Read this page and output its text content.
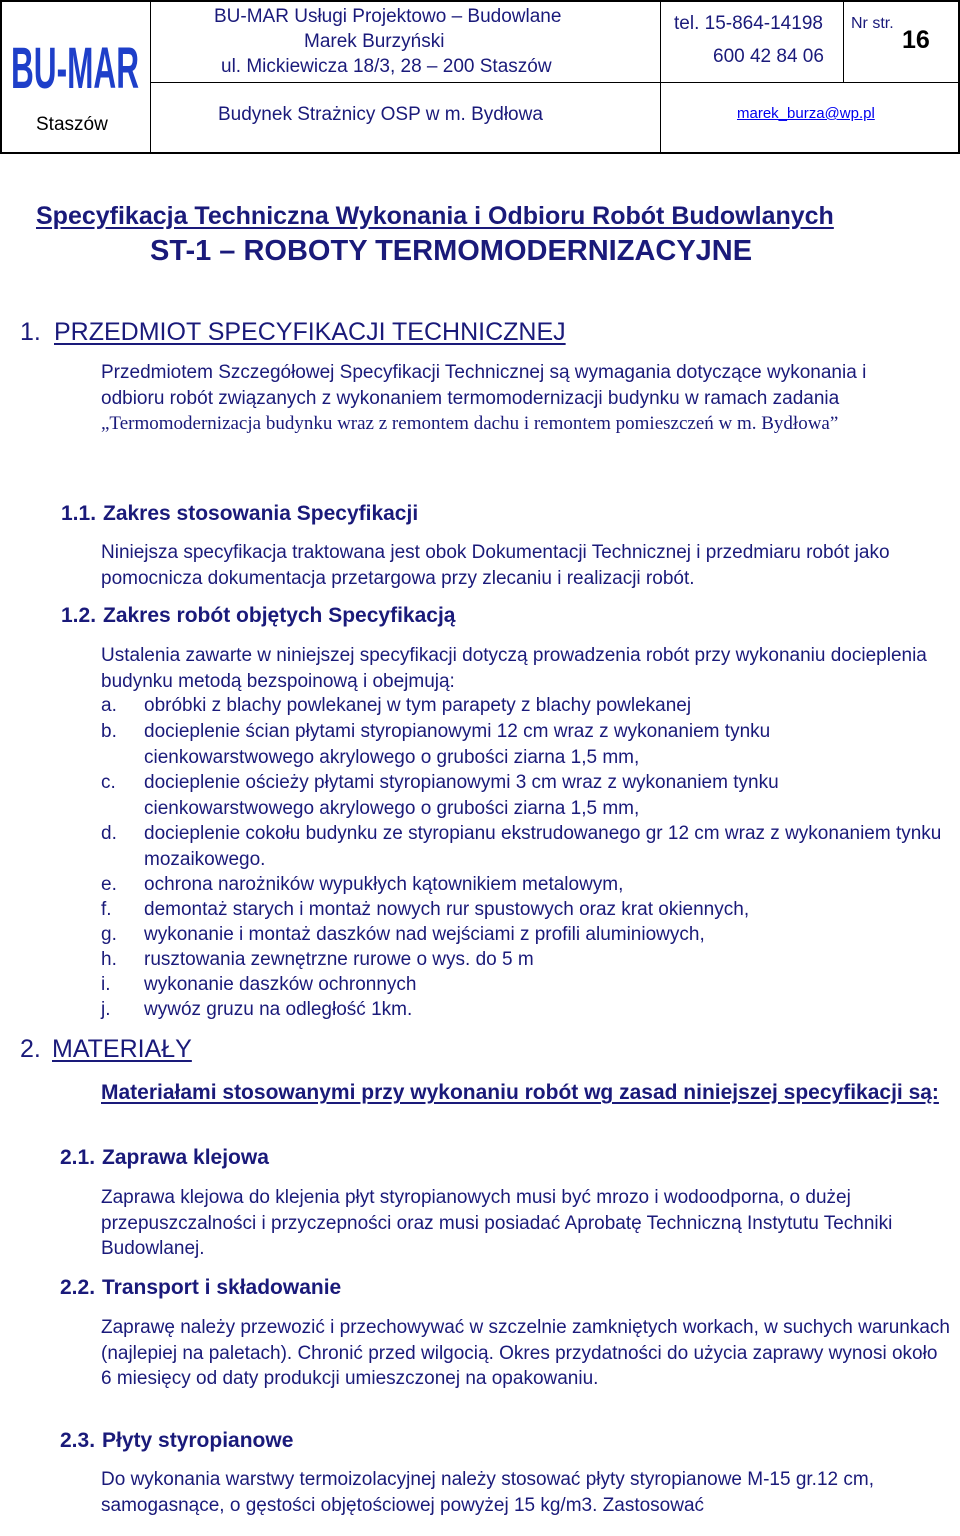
BU-MAR
Staszów
BU-MAR Usługi Projektowo – Budowlane
Marek Burzyński
ul. Mickiewicza 18/3, 28 – 200 Staszów
Budynek Strażnicy OSP w m. Bydłowa
tel. 15-864-14198
600 42 84 06
marek_burza@wp.pl
Nr str.
16
Specyfikacja Techniczna Wykonania i Odbioru Robót Budowlanych
ST-1 – ROBOTY TERMOMODERNIZACYJNE
1. PRZEDMIOT SPECYFIKACJI TECHNICZNEJ
Przedmiotem Szczegółowej Specyfikacji Technicznej są wymagania dotyczące wykonania i odbioru robót związanych z wykonaniem termomodernizacji budynku w ramach zadania „Termomodernizacja budynku wraz z remontem dachu i remontem pomieszczeń w m. Bydłowa”
1.1. Zakres stosowania Specyfikacji
Niniejsza specyfikacja traktowana jest obok Dokumentacji Technicznej i przedmiaru robót jako pomocnicza dokumentacja przetargowa przy zlecaniu i realizacji robót.
1.2. Zakres robót objętych Specyfikacją
Ustalenia zawarte w niniejszej specyfikacji dotyczą prowadzenia robót przy wykonaniu docieplenia budynku metodą bezspoinową i obejmują:
a. obróbki z blachy powlekanej w tym parapety z blachy powlekanej
b. docieplenie ścian płytami styropianowymi 12 cm wraz z wykonaniem tynku cienkowarstwowego akrylowego o grubości ziarna 1,5 mm,
c. docieplenie ościeży płytami styropianowymi 3 cm wraz z wykonaniem tynku cienkowarstwowego akrylowego o grubości ziarna 1,5 mm,
d. docieplenie cokołu budynku ze styropianu ekstrudowanego gr 12 cm wraz z wykonaniem tynku mozaikowego.
e. ochrona narożników wypukłych kątownikiem metalowym,
f. demontaż starych i montaż nowych rur spustowych oraz krat okiennych,
g. wykonanie i montaż daszków nad wejściami z profili aluminiowych,
h. rusztowania zewnętrzne rurowe o wys. do 5 m
i. wykonanie daszków ochronnych
j. wywóz gruzu na odległość 1km.
2. MATERIAŁY
Materiałami stosowanymi przy wykonaniu robót wg zasad niniejszej specyfikacji są:
2.1. Zaprawa klejowa
Zaprawa klejowa do klejenia płyt styropianowych musi być mrozo i wodoodporna, o dużej przepuszczalności i przyczepności oraz musi posiadać Aprobatę Techniczną Instytutu Techniki Budowlanej.
2.2. Transport i składowanie
Zaprawę należy przewozić i przechowywać w szczelnie zamkniętych workach, w suchych warunkach (najlepiej na paletach). Chronić przed wilgocią. Okres przydatności do użycia zaprawy wynosi około 6 miesięcy od daty produkcji umieszczonej na opakowaniu.
2.3. Płyty styropianowe
Do wykonania warstwy termoizolacyjnej należy stosować płyty styropianowe M-15 gr.12 cm, samogasnące, o gęstości objętościowej powyżej 15 kg/m3. Zastosować
